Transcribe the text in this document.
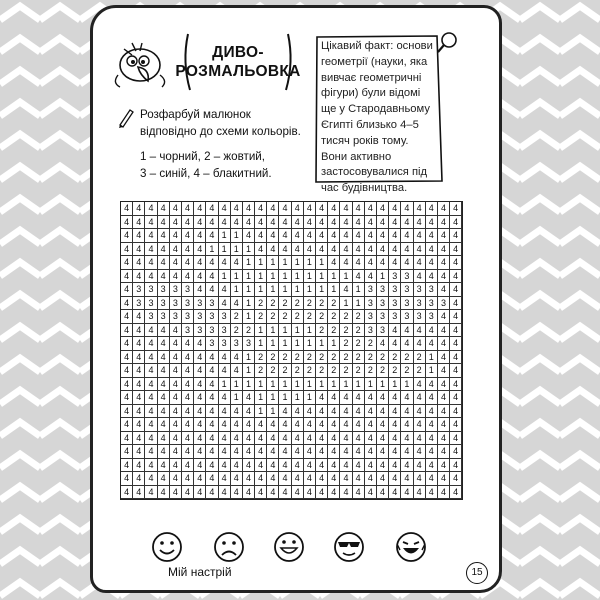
ДИВО-
РОЗМАЛЬОВКА
Цікавий факт: основи геометрії (науки, яка вивчає геометричні фігури) були відомі ще у Стародавньому Єгипті близько 4–5 тисяч років тому. Вони активно застосовувалися під час будівництва.
Розфарбуй малюнок відповідно до схеми кольорів.
1 – чорний, 2 – жовтий,
3 – синій, 4 – блакитний.
4 4 4 4 4 4 4 4 4 4 4 4 4 4 4 4 4 4 4 4 4 4 4 4 4 4 4 4
4 4 4 4 4 4 4 4 4 4 4 4 4 4 4 4 4 4 4 4 4 4 4 4 4 4 4 4
4 4 4 4 4 4 4 4 1 1 4 4 4 4 4 4 4 4 4 4 4 4 4 4 4 4 4 4
4 4 4 4 4 4 4 1 1 1 1 4 4 4 4 4 4 4 4 4 4 4 4 4 4 4 4 4
4 4 4 4 4 4 4 4 4 4 1 1 1 1 1 1 1 4 4 4 4 4 4 4 4 4 4 4
4 4 4 4 4 4 4 4 1 1 1 1 1 1 1 1 1 1 1 4 4 1 3 3 4 4 4 4
4 3 3 3 3 3 4 4 4 1 1 1 1 1 1 1 1 1 4 1 3 3 3 3 3 3 4 4
4 3 3 3 3 3 3 3 4 4 1 2 2 2 2 2 2 2 1 1 3 3 3 3 3 3 3 4
4 4 3 3 3 3 3 3 3 2 1 2 2 2 2 2 2 2 2 2 3 3 3 3 3 3 4 4
4 4 4 4 4 3 3 3 3 2 2 1 1 1 1 1 2 2 2 2 3 3 4 4 4 4 4 4
4 4 4 4 4 4 4 3 3 3 3 1 1 1 1 1 1 1 2 2 2 4 4 4 4 4 4 4
4 4 4 4 4 4 4 4 4 4 1 2 2 2 2 2 2 2 2 2 2 2 2 2 2 1 4 4
4 4 4 4 4 4 4 4 4 4 1 2 2 2 2 2 2 2 2 2 2 2 2 2 2 1 4 4
4 4 4 4 4 4 4 4 1 1 1 1 1 1 1 1 1 1 1 1 1 1 1 1 4 4 4 4
4 4 4 4 4 4 4 4 4 1 4 1 1 1 1 1 4 4 4 4 4 4 4 4 4 4 4 4
4 4 4 4 4 4 4 4 4 4 4 1 1 4 4 4 4 4 4 4 4 4 4 4 4 4 4 4
4 4 4 4 4 4 4 4 4 4 4 4 4 4 4 4 4 4 4 4 4 4 4 4 4 4 4 4
4 4 4 4 4 4 4 4 4 4 4 4 4 4 4 4 4 4 4 4 4 4 4 4 4 4 4 4
4 4 4 4 4 4 4 4 4 4 4 4 4 4 4 4 4 4 4 4 4 4 4 4 4 4 4 4
4 4 4 4 4 4 4 4 4 4 4 4 4 4 4 4 4 4 4 4 4 4 4 4 4 4 4 4
4 4 4 4 4 4 4 4 4 4 4 4 4 4 4 4 4 4 4 4 4 4 4 4 4 4 4 4
4 4 4 4 4 4 4 4 4 4 4 4 4 4 4 4 4 4 4 4 4 4 4 4 4 4 4 4
Мій настрій	15
